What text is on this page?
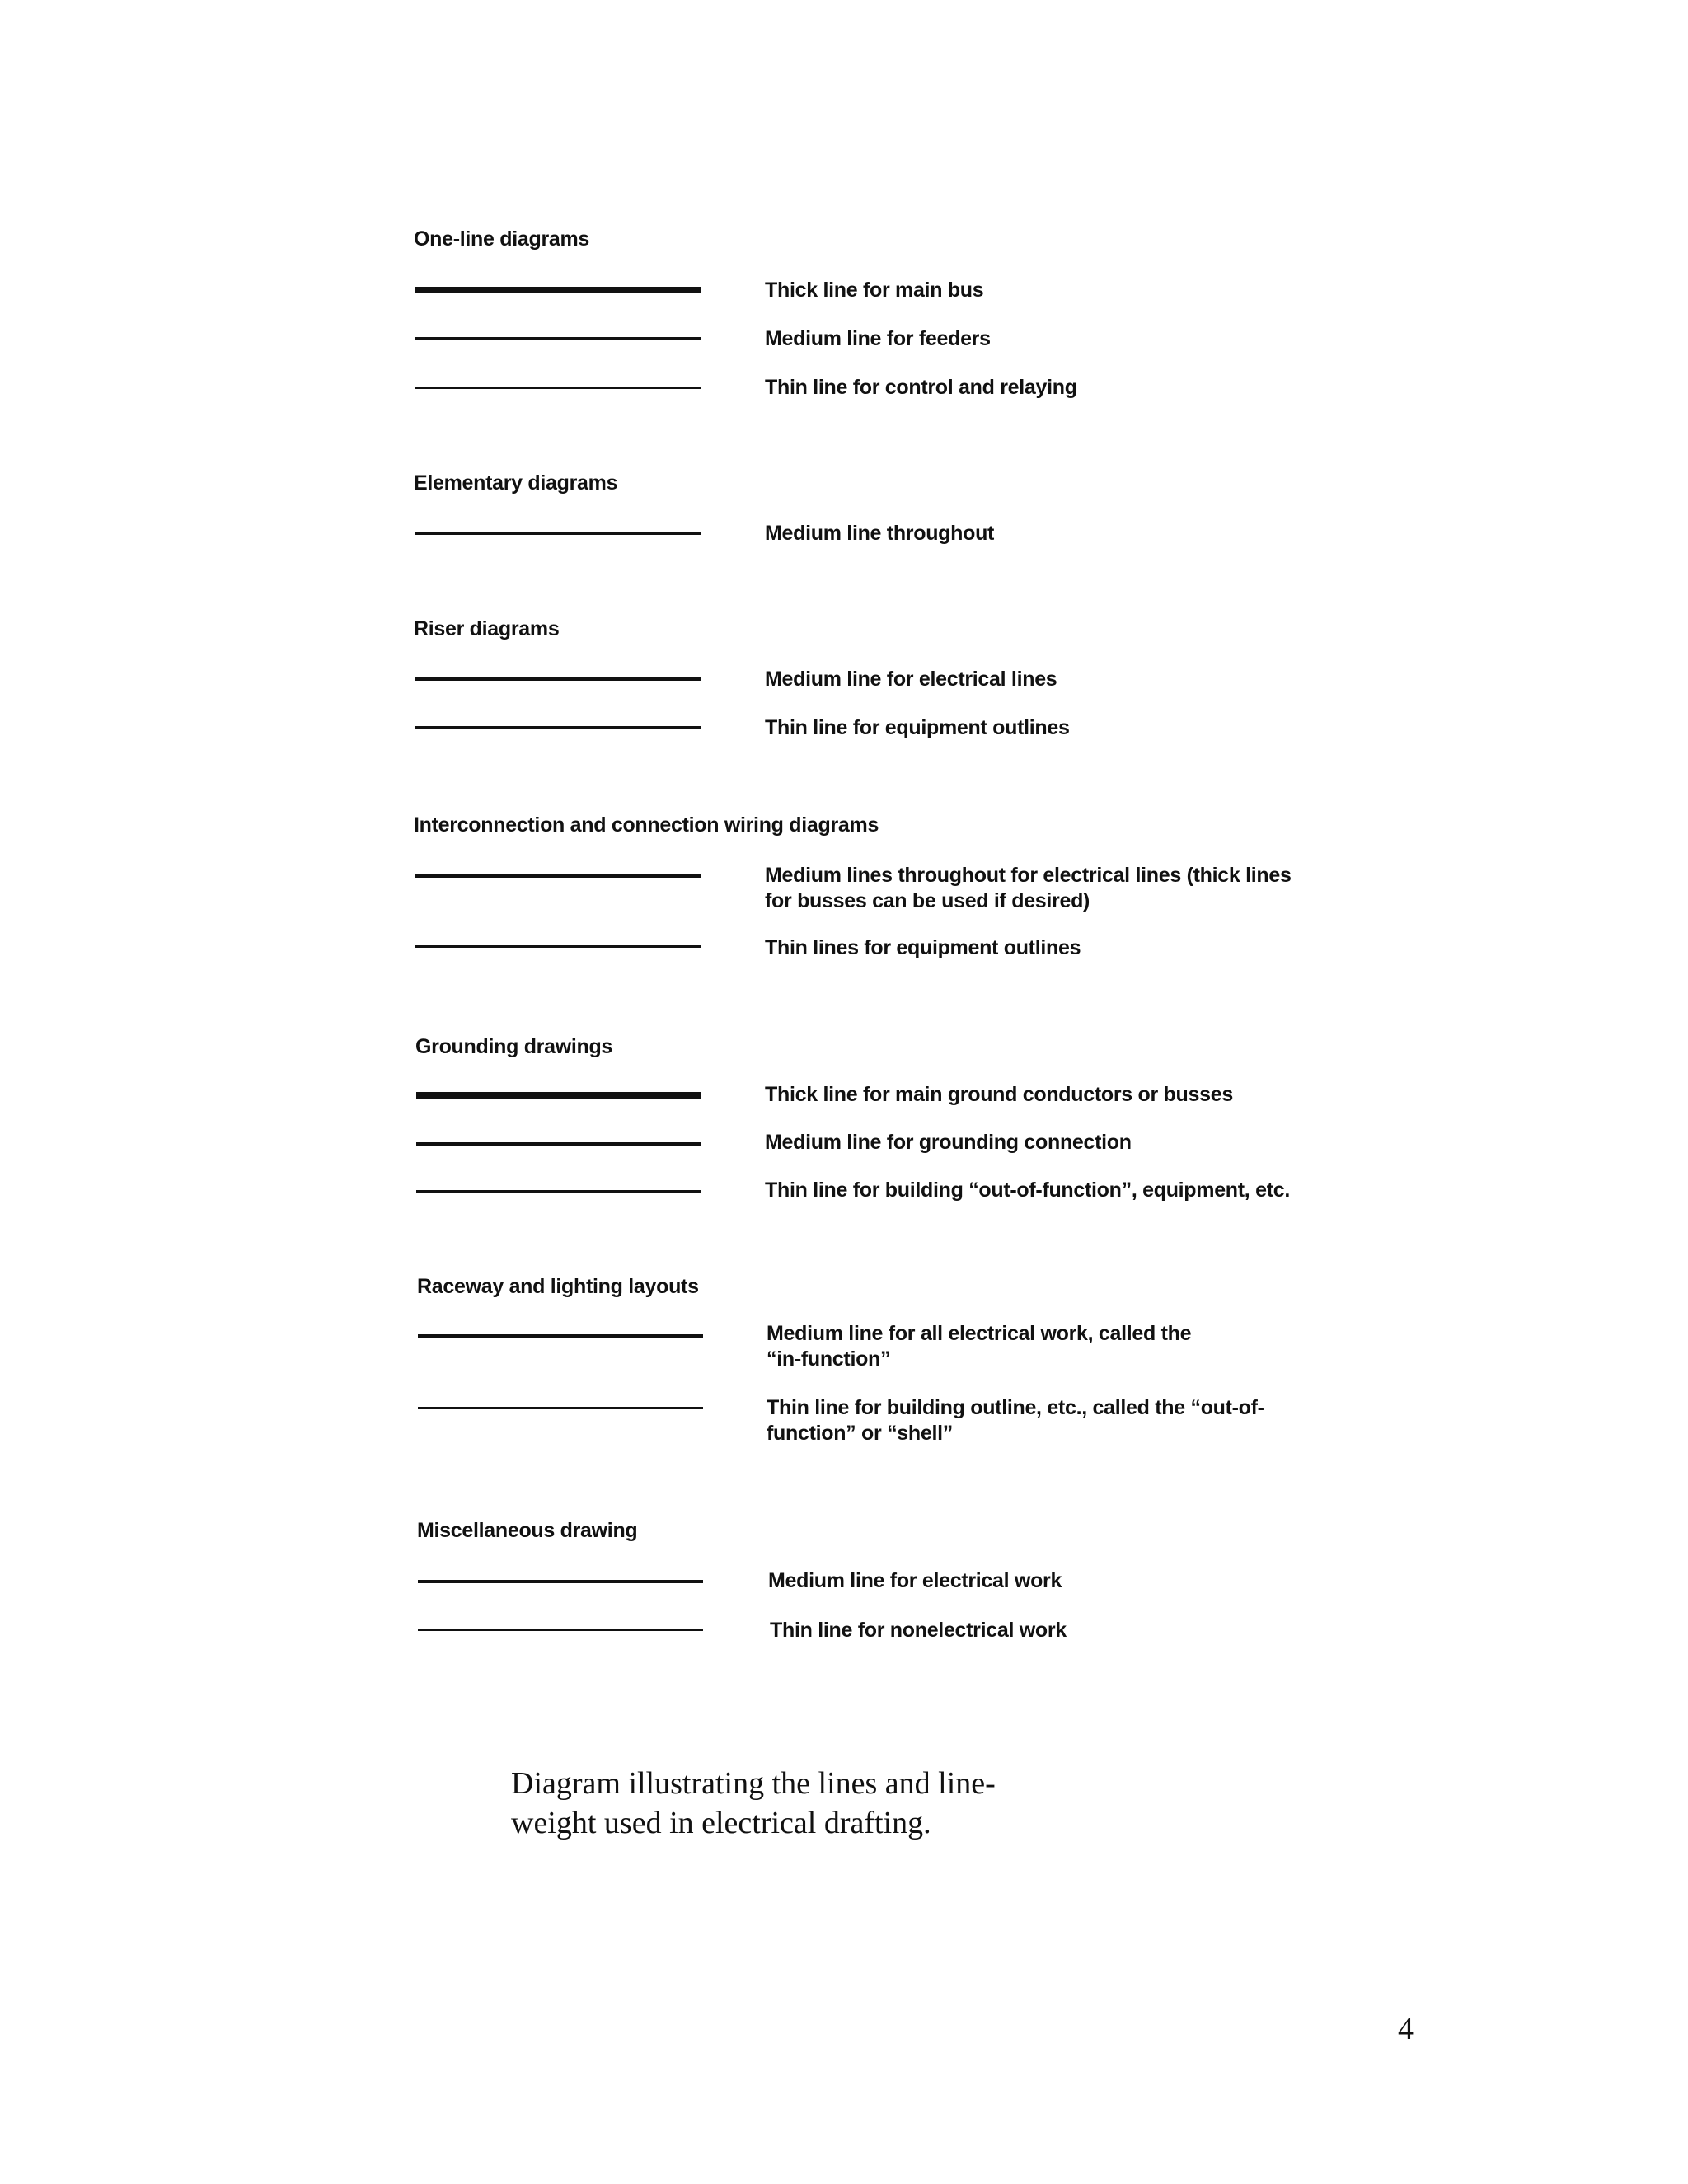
One-line diagrams
Thick line for main bus
Medium line for feeders
Thin line for control and relaying
Elementary diagrams
Medium line throughout
Riser diagrams
Medium line for electrical lines
Thin line for equipment outlines
Interconnection and connection wiring diagrams
Medium lines throughout for electrical lines (thick lines
for busses can be used if desired)
Thin lines for equipment outlines
Grounding drawings
Thick line for main ground conductors or busses
Medium line for grounding connection
Thin line for building “out-of-function”, equipment, etc.
Raceway and lighting layouts
Medium line for all electrical work, called the
“in-function”
Thin line for building outline, etc., called the “out-of-
function” or “shell”
Miscellaneous drawing
Medium line for electrical work
Thin line for nonelectrical work
Diagram illustrating the lines and line-
weight used in electrical drafting.
4
